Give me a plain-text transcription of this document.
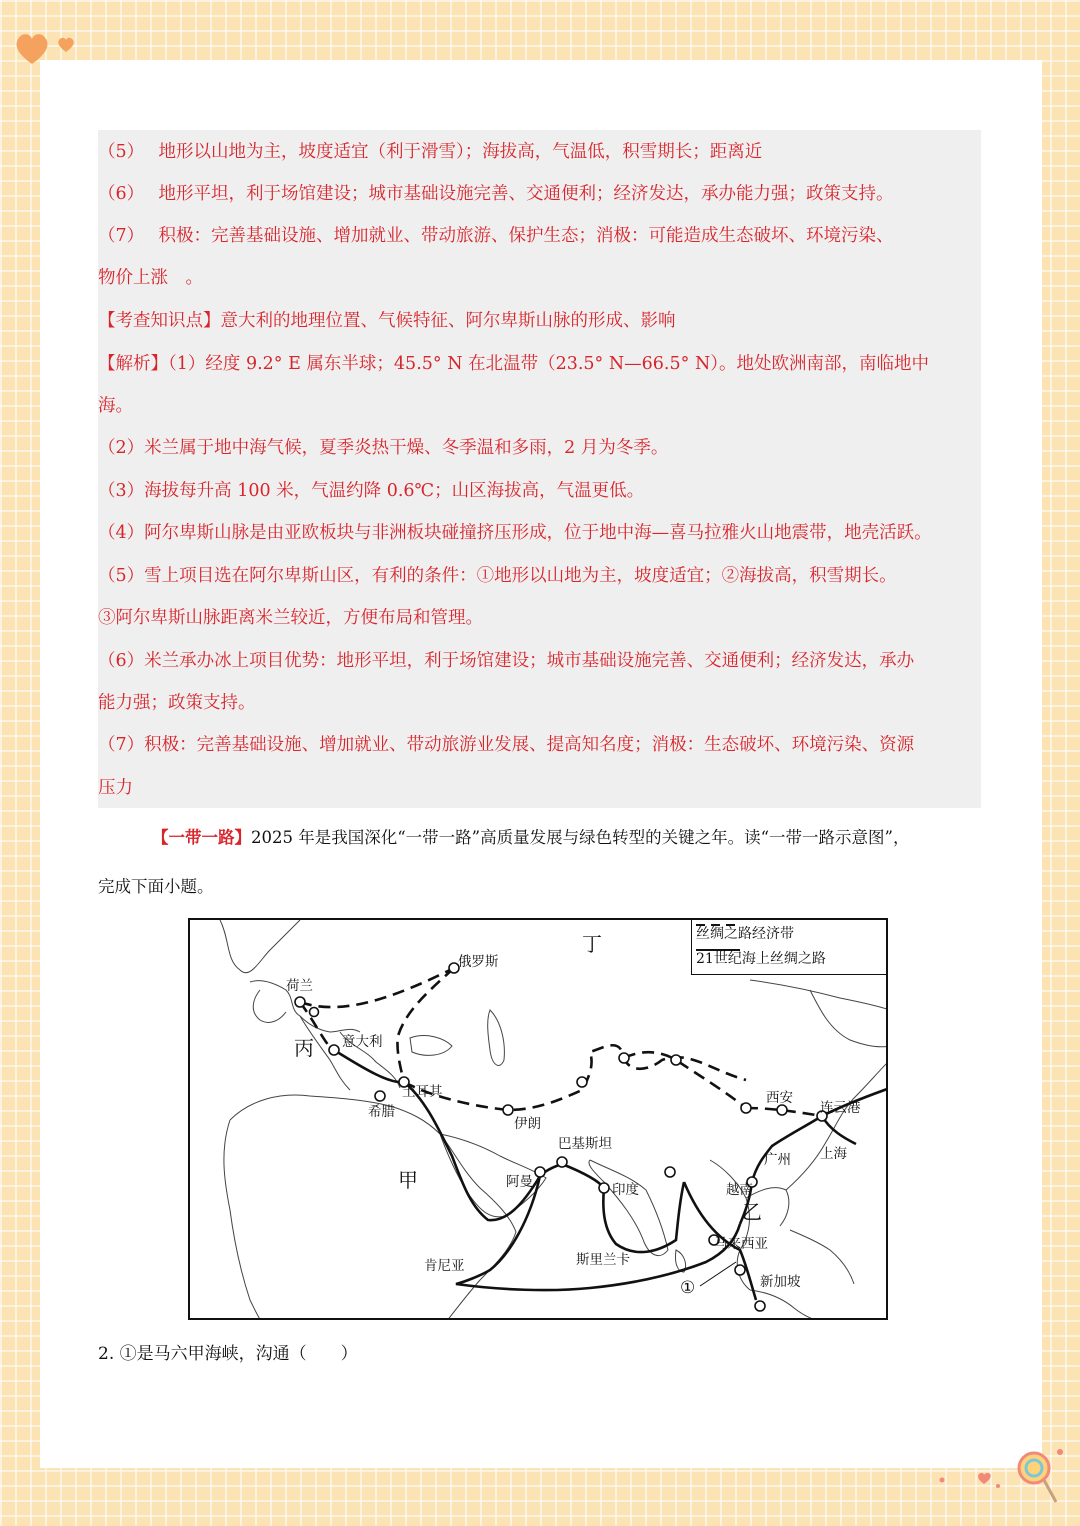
（5）　 地形以山地为主，坡度适宜（利于滑雪）；海拔高，气温低，积雪期长；距离近
（6）　 地形平坦，利于场馆建设；城市基础设施完善、交通便利；经济发达，承办能力强；政策支持。
（7）　 积极：完善基础设施、增加就业、带动旅游、保护生态；消极：可能造成生态破坏、环境污染、
物价上涨　。
【考查知识点】意大利的地理位置、气候特征、阿尔卑斯山脉的形成、影响
【解析】（1）经度 9.2° E 属东半球；45.5° N 在北温带（23.5° N—66.5° N）。地处欧洲南部，南临地中
海。
（2）米兰属于地中海气候，夏季炎热干燥、冬季温和多雨，2 月为冬季。
（3）海拔每升高 100 米，气温约降 0.6℃；山区海拔高，气温更低。
（4）阿尔卑斯山脉是由亚欧板块与非洲板块碰撞挤压形成，位于地中海—喜马拉雅火山地震带，地壳活跃。
（5）雪上项目选在阿尔卑斯山区，有利的条件：①地形以山地为主，坡度适宜；②海拔高，积雪期长。
③阿尔卑斯山脉距离米兰较近，方便布局和管理。
（6）米兰承办冰上项目优势：地形平坦，利于场馆建设；城市基础设施完善、交通便利；经济发达，承办
能力强；政策支持。
（7）积极：完善基础设施、增加就业、带动旅游业发展、提高知名度；消极：生态破坏、环境污染、资源
压力
【一带一路】2025 年是我国深化“一带一路”高质量发展与绿色转型的关键之年。读“一带一路示意图”，
完成下面小题。
丝绸之路经济带
21世纪海上丝绸之路
丁
丙
甲
乙
①
俄罗斯
荷兰
意大利
土耳其
希腊
伊朗
巴基斯坦
阿曼	印度
肯尼亚	斯里兰卡
马来西亚
新加坡
越南
广州 上海
西安
连云港
2. ①是马六甲海峡，沟通（　　）
